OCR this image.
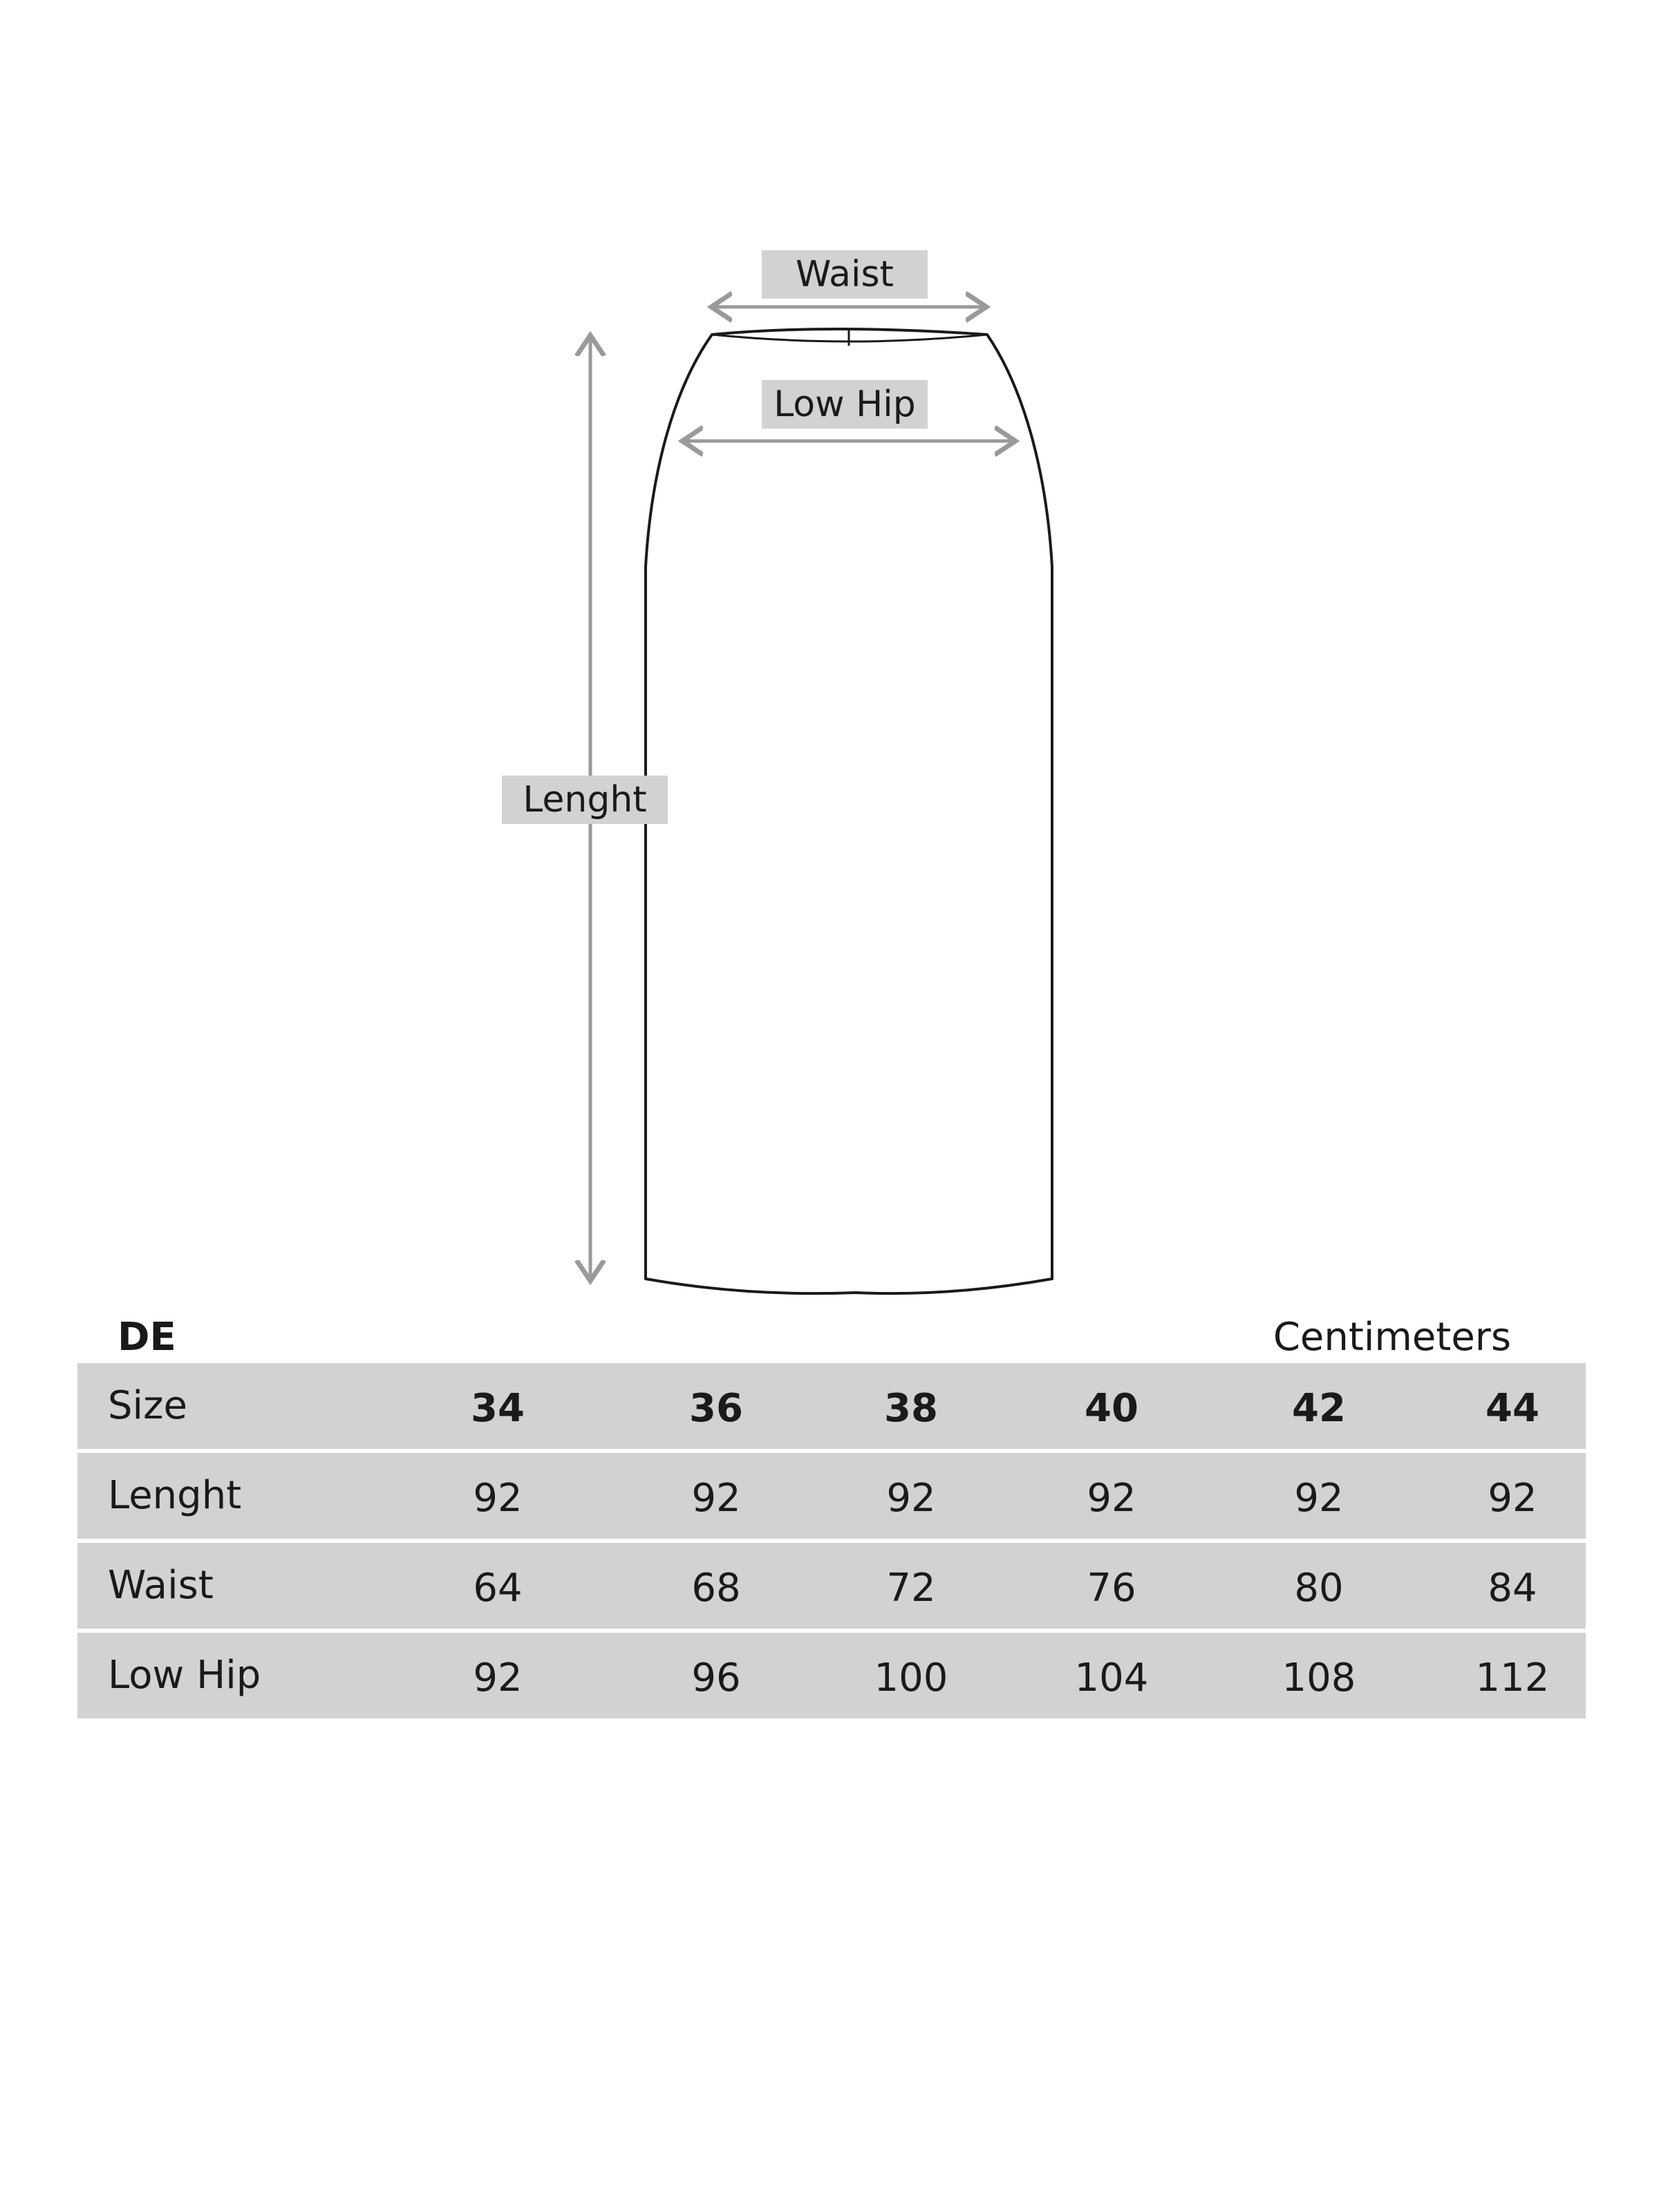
Waist
Low Hip
Lenght
DE	Centimeters
Size	34	36	38	40	42	44
Lenght	92	92	92	92	92	92
Waist	64	68	72	76	80	84
Low Hip	92	96	100	104	108	112
